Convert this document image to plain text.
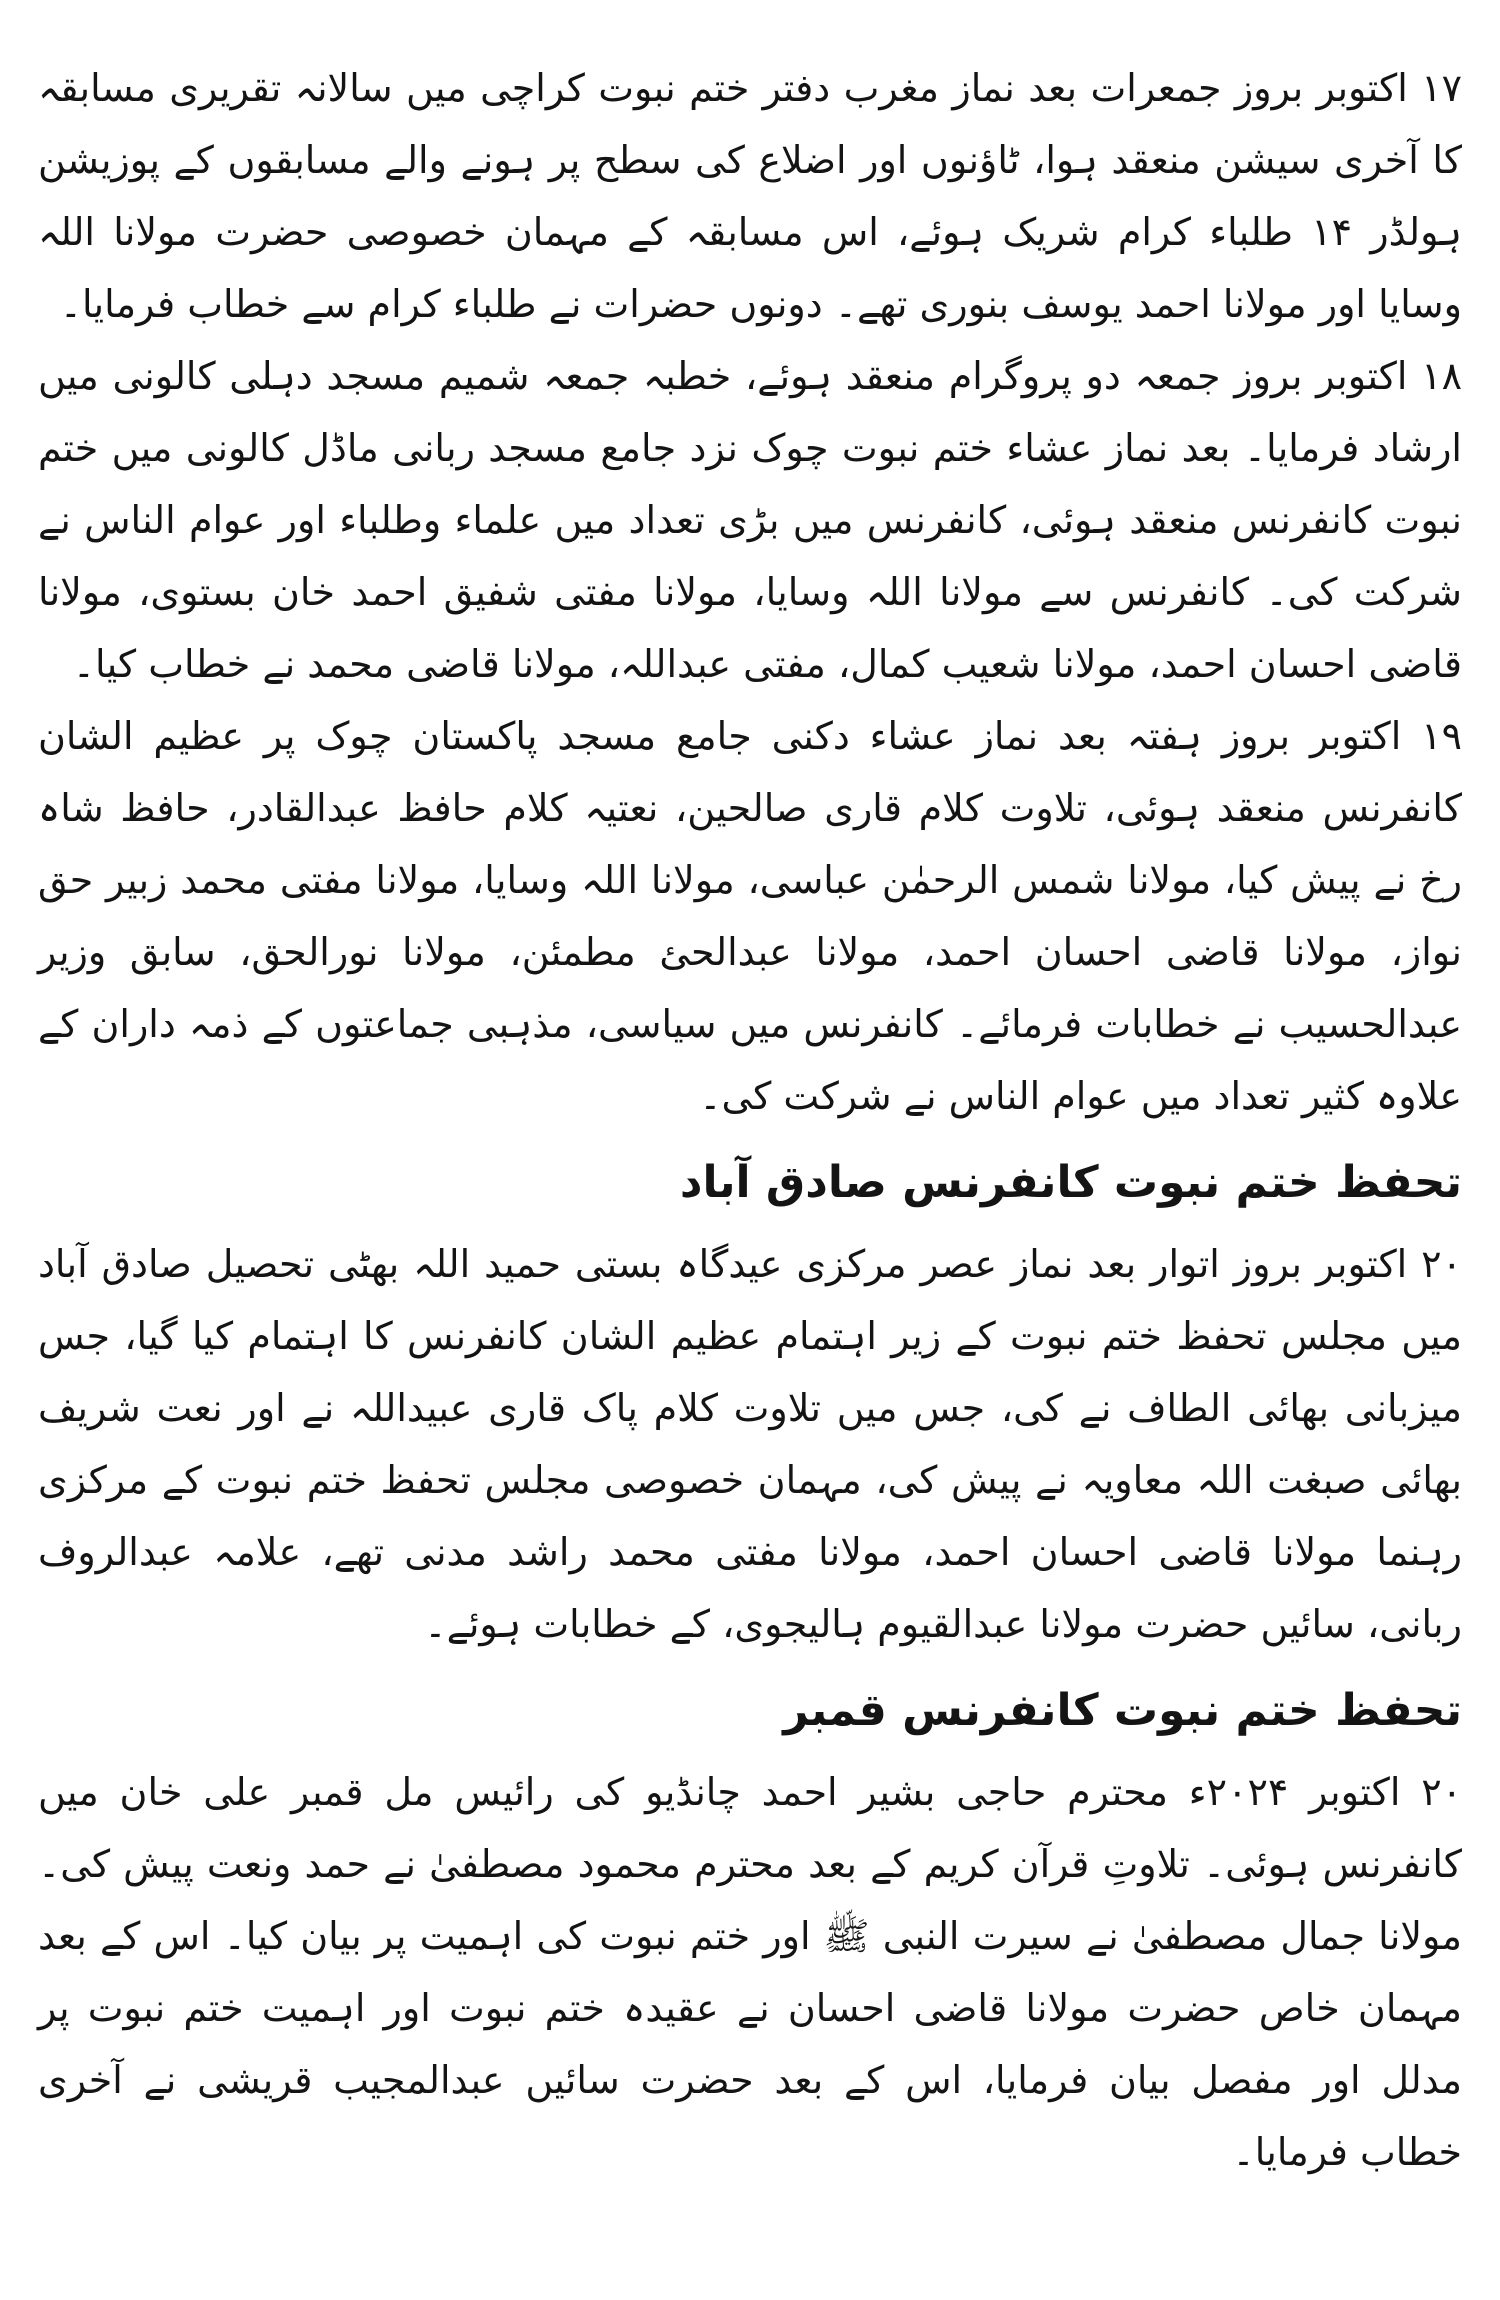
۱۷ اکتوبر بروز جمعرات بعد نماز مغرب دفتر ختم نبوت کراچی میں سالانہ تقریری مسابقہ کا آخری سیشن منعقد ہوا، ٹاؤنوں اور اضلاع کی سطح پر ہونے والے مسابقوں کے پوزیشن ہولڈر ۱۴ طلباء کرام شریک ہوئے، اس مسابقہ کے مہمان خصوصی حضرت مولانا اللہ وسایا اور مولانا احمد یوسف بنوری تھے۔ دونوں حضرات نے طلباء کرام سے خطاب فرمایا۔

۱۸ اکتوبر بروز جمعہ دو پروگرام منعقد ہوئے، خطبہ جمعہ شمیم مسجد دہلی کالونی میں ارشاد فرمایا۔ بعد نماز عشاء ختم نبوت چوک نزد جامع مسجد ربانی ماڈل کالونی میں ختم نبوت کانفرنس منعقد ہوئی، کانفرنس میں بڑی تعداد میں علماء وطلباء اور عوام الناس نے شرکت کی۔ کانفرنس سے مولانا اللہ وسایا، مولانا مفتی شفیق احمد خان بستوی، مولانا قاضی احسان احمد، مولانا شعیب کمال، مفتی عبداللہ، مولانا قاضی محمد نے خطاب کیا۔

۱۹ اکتوبر بروز ہفتہ بعد نماز عشاء دکنی جامع مسجد پاکستان چوک پر عظیم الشان کانفرنس منعقد ہوئی، تلاوت کلام قاری صالحین، نعتیہ کلام حافظ عبدالقادر، حافظ شاہ رخ نے پیش کیا، مولانا شمس الرحمٰن عباسی، مولانا اللہ وسایا، مولانا مفتی محمد زبیر حق نواز، مولانا قاضی احسان احمد، مولانا عبدالحئ مطمئن، مولانا نورالحق، سابق وزیر عبدالحسیب نے خطابات فرمائے۔ کانفرنس میں سیاسی، مذہبی جماعتوں کے ذمہ داران کے علاوہ کثیر تعداد میں عوام الناس نے شرکت کی۔

تحفظ ختم نبوت کانفرنس صادق آباد

۲۰ اکتوبر بروز اتوار بعد نماز عصر مرکزی عیدگاہ بستی حمید اللہ بھٹی تحصیل صادق آباد میں مجلس تحفظ ختم نبوت کے زیر اہتمام عظیم الشان کانفرنس کا اہتمام کیا گیا، جس میزبانی بھائی الطاف نے کی، جس میں تلاوت کلام پاک قاری عبیداللہ نے اور نعت شریف بھائی صبغت اللہ معاویہ نے پیش کی، مہمان خصوصی مجلس تحفظ ختم نبوت کے مرکزی رہنما مولانا قاضی احسان احمد، مولانا مفتی محمد راشد مدنی تھے، علامہ عبدالروف ربانی، سائیں حضرت مولانا عبدالقیوم ہالیجوی، کے خطابات ہوئے۔

تحفظ ختم نبوت کانفرنس قمبر

۲۰ اکتوبر ۲۰۲۴ء محترم حاجی بشیر احمد چانڈیو کی رائیس مل قمبر علی خان میں کانفرنس ہوئی۔ تلاوتِ قرآن کریم کے بعد محترم محمود مصطفیٰ نے حمد ونعت پیش کی۔ مولانا جمال مصطفیٰ نے سیرت النبی ﷺ اور ختم نبوت کی اہمیت پر بیان کیا۔ اس کے بعد مہمان خاص حضرت مولانا قاضی احسان نے عقیدہ ختم نبوت اور اہمیت ختم نبوت پر مدلل اور مفصل بیان فرمایا، اس کے بعد حضرت سائیں عبدالمجیب قریشی نے آخری خطاب فرمایا۔
